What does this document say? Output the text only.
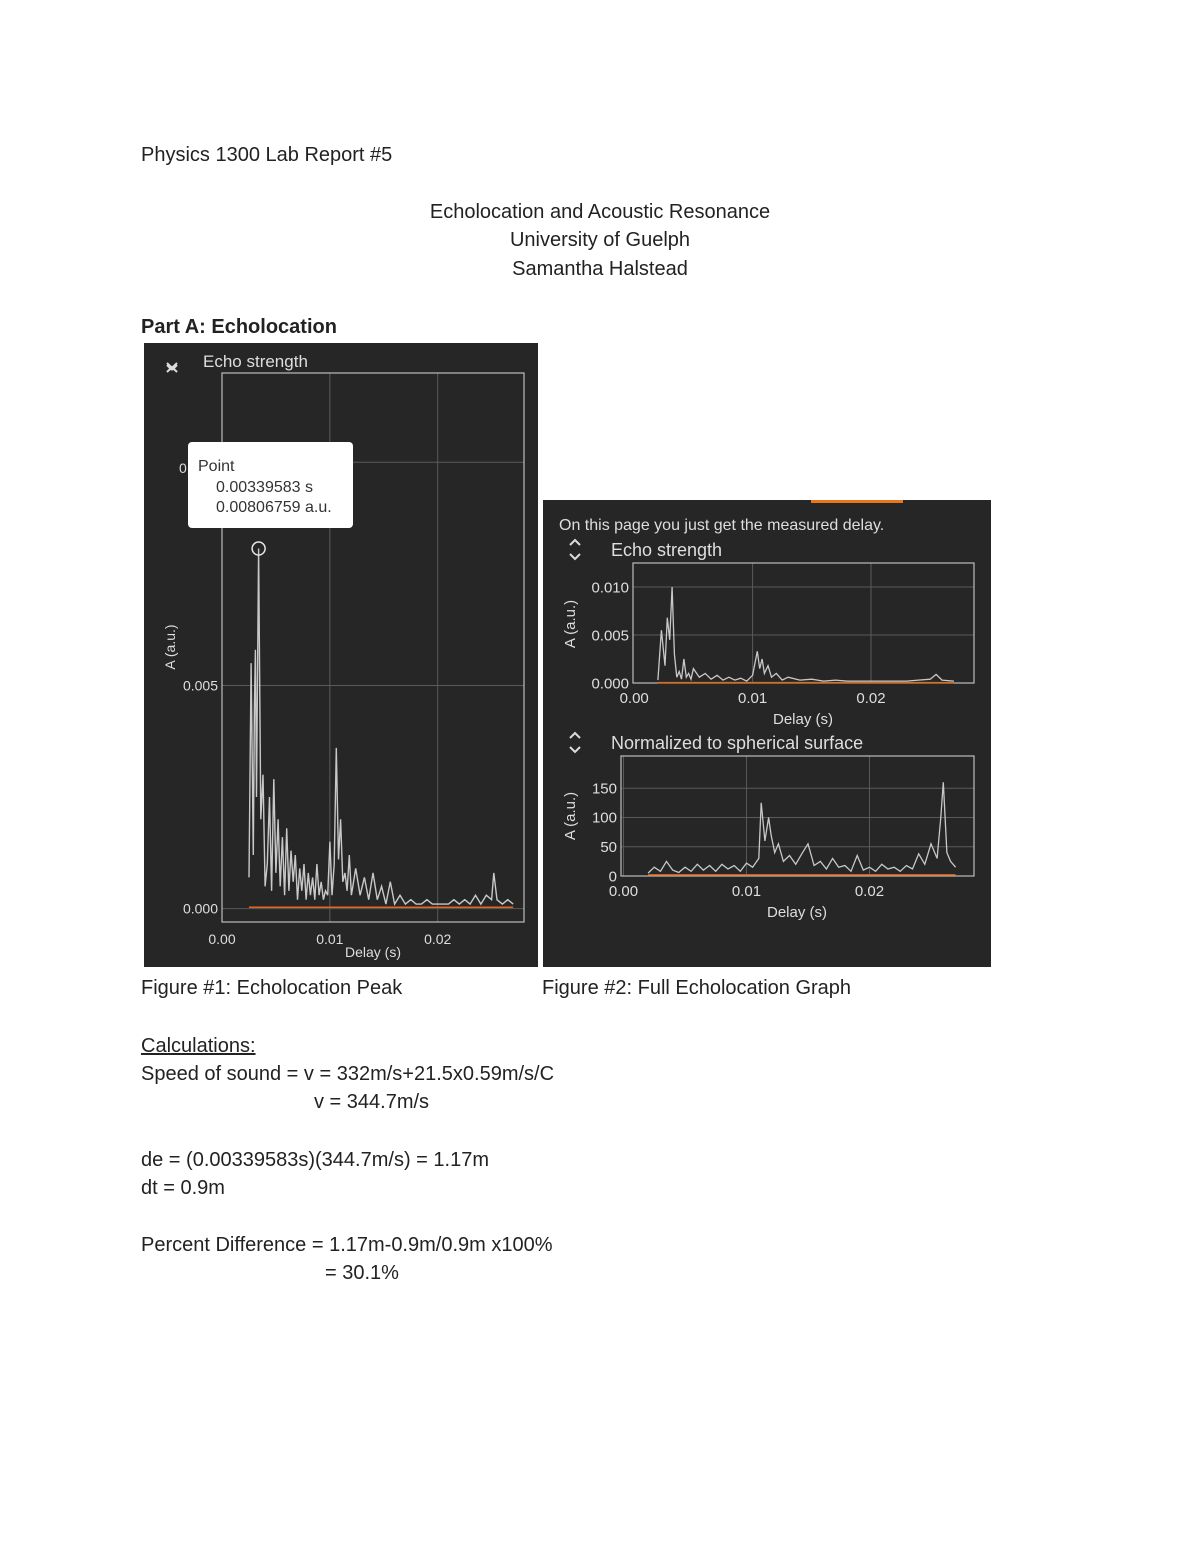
Physics 1300 Lab Report #5
Echolocation and Acoustic Resonance
University of Guelph
Samantha Halstead
Part A: Echolocation
Echo strength
0.00	0.01	0.02
0.000
0.005
Delay (s)
A (a.u.)
0 Point
0.00339583 s
0.00806759 a.u.
On this page you just get the measured delay.
Echo strength
0.00	0.01	0.02
0.000
0.005
0.010
Delay (s)
A (a.u.)
Normalized to spherical surface
0.00	0.01	0.02
0
50
100
150
Delay (s)
A (a.u.)
Figure #1: Echolocation Peak	Figure #2: Full Echolocation Graph
Calculations:
Speed of sound = v = 332m/s+21.5x0.59m/s/C
v = 344.7m/s
de = (0.00339583s)(344.7m/s) = 1.17m
dt = 0.9m
Percent Difference = 1.17m-0.9m/0.9m x100%
= 30.1%
